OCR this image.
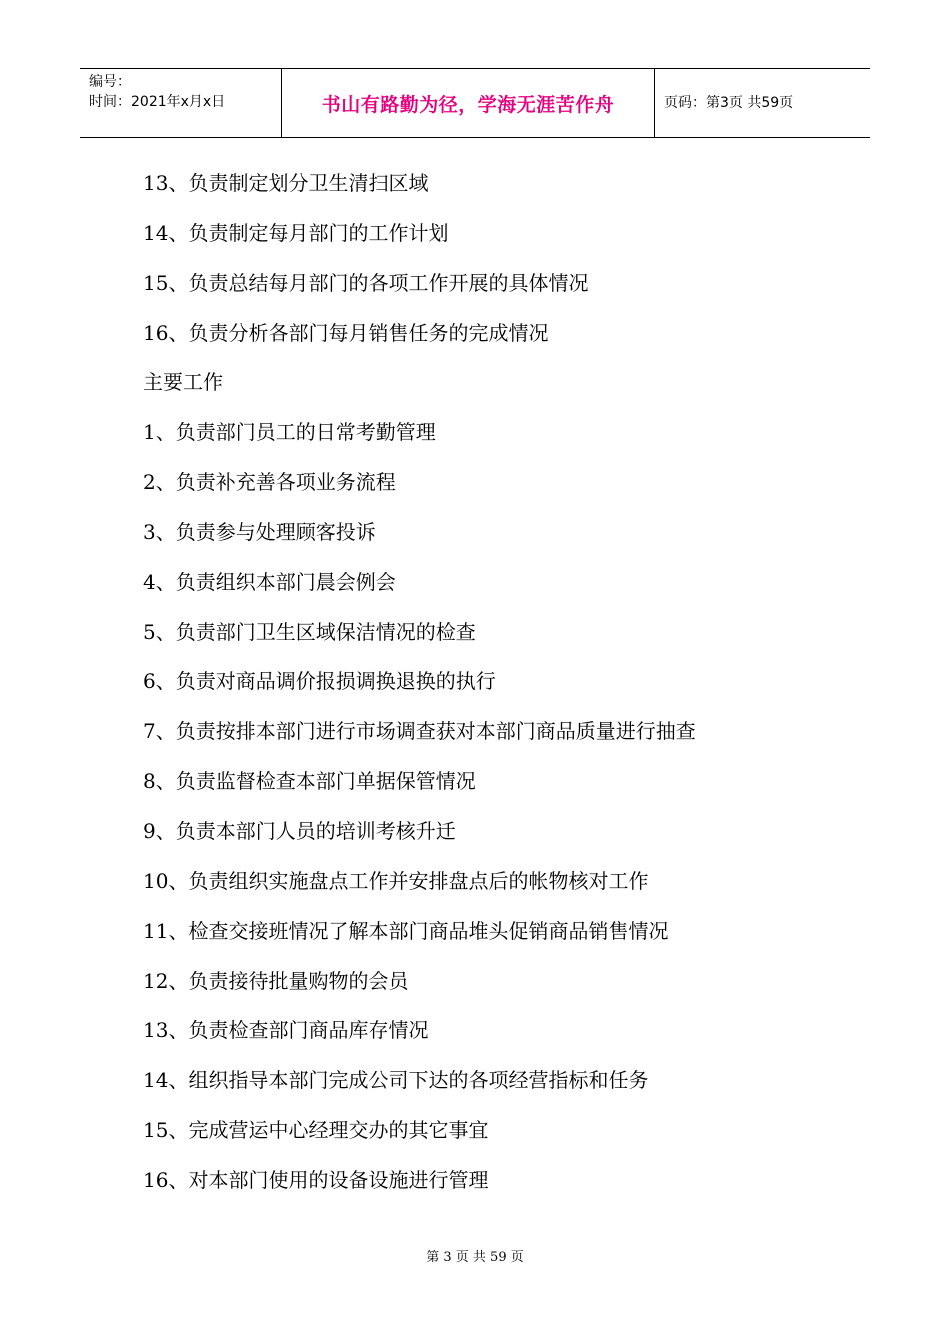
编号：
时间：2021年x月x日	书山有路勤为径，学海无涯苦作舟	页码：第3页 共59页
13、负责制定划分卫生清扫区域
14、负责制定每月部门的工作计划
15、负责总结每月部门的各项工作开展的具体情况
16、负责分析各部门每月销售任务的完成情况
主要工作
1、负责部门员工的日常考勤管理
2、负责补充善各项业务流程
3、负责参与处理顾客投诉
4、负责组织本部门晨会例会
5、负责部门卫生区域保洁情况的检查
6、负责对商品调价报损调换退换的执行
7、负责按排本部门进行市场调查获对本部门商品质量进行抽查
8、负责监督检查本部门单据保管情况
9、负责本部门人员的培训考核升迁
10、负责组织实施盘点工作并安排盘点后的帐物核对工作
11、检查交接班情况了解本部门商品堆头促销商品销售情况
12、负责接待批量购物的会员
13、负责检查部门商品库存情况
14、组织指导本部门完成公司下达的各项经营指标和任务
15、完成营运中心经理交办的其它事宜
16、对本部门使用的设备设施进行管理
第 3 页 共 59 页
